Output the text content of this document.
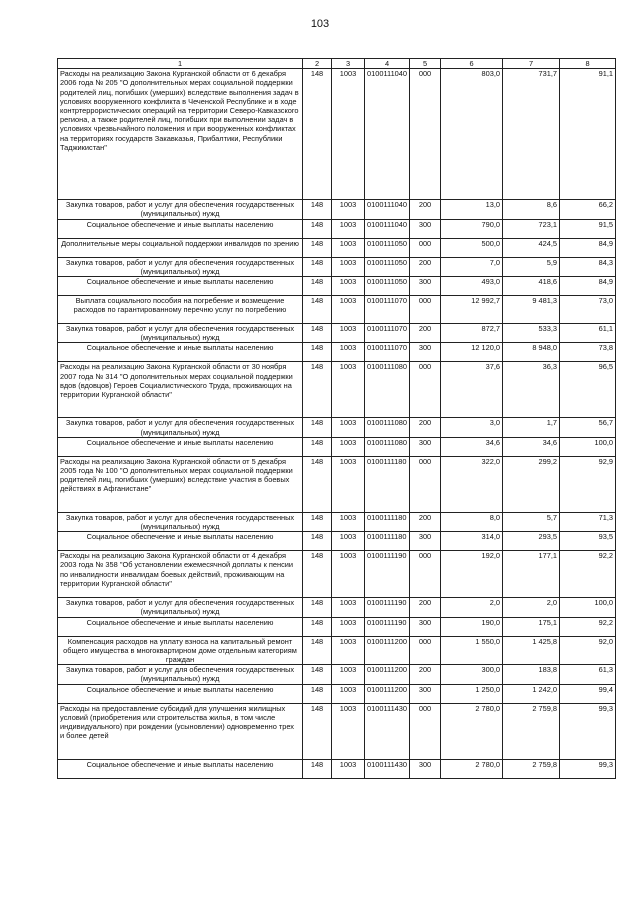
103
1	2	3	4	5	6	7	8
Расходы на реализацию Закона Курганской области от 6 декабря 2006 года № 205 "О дополнительных мерах социальной поддержки родителей лиц, погибших (умерших) вследствие выполнения задач в условиях вооруженного конфликта в Чеченской Республике и в ходе контртеррористических операций на территории Северо-Кавказского региона, а также родителей лиц, погибших при выполнении задач в условиях чрезвычайного положения и при вооруженных конфликтах на территориях государств Закавказья, Прибалтики, Республики Таджикистан"	148	1003	0100111040	000	803,0	731,7	91,1
Закупка товаров, работ и услуг для обеспечения государственных (муниципальных) нужд	148	1003	0100111040	200	13,0	8,6	66,2
Социальное обеспечение и иные выплаты населению	148	1003	0100111040	300	790,0	723,1	91,5
Дополнительные меры социальной поддержки инвалидов по зрению	148	1003	0100111050	000	500,0	424,5	84,9
Закупка товаров, работ и услуг для обеспечения государственных (муниципальных) нужд	148	1003	0100111050	200	7,0	5,9	84,3
Социальное обеспечение и иные выплаты населению	148	1003	0100111050	300	493,0	418,6	84,9
Выплата социального пособия на погребение и возмещение расходов по гарантированному перечню услуг по погребению	148	1003	0100111070	000	12 992,7	9 481,3	73,0
Закупка товаров, работ и услуг для обеспечения государственных (муниципальных) нужд	148	1003	0100111070	200	872,7	533,3	61,1
Социальное обеспечение и иные выплаты населению	148	1003	0100111070	300	12 120,0	8 948,0	73,8
Расходы на реализацию Закона Курганской области от 30 ноября 2007 года № 314 "О дополнительных мерах социальной поддержки вдов (вдовцов) Героев Социалистического Труда, проживающих на территории Курганской области"	148	1003	0100111080	000	37,6	36,3	96,5
Закупка товаров, работ и услуг для обеспечения государственных (муниципальных) нужд	148	1003	0100111080	200	3,0	1,7	56,7
Социальное обеспечение и иные выплаты населению	148	1003	0100111080	300	34,6	34,6	100,0
Расходы на реализацию Закона Курганской области от 5 декабря 2005 года № 100 "О дополнительных мерах социальной поддержки родителей лиц, погибших (умерших) вследствие участия в боевых действиях в Афганистане"	148	1003	0100111180	000	322,0	299,2	92,9
Закупка товаров, работ и услуг для обеспечения государственных (муниципальных) нужд	148	1003	0100111180	200	8,0	5,7	71,3
Социальное обеспечение и иные выплаты населению	148	1003	0100111180	300	314,0	293,5	93,5
Расходы на реализацию Закона Курганской области от 4 декабря 2003 года № 358 "Об установлении ежемесячной доплаты к пенсии по инвалидности инвалидам боевых действий, проживающим на территории Курганской области"	148	1003	0100111190	000	192,0	177,1	92,2
Закупка товаров, работ и услуг для обеспечения государственных (муниципальных) нужд	148	1003	0100111190	200	2,0	2,0	100,0
Социальное обеспечение и иные выплаты населению	148	1003	0100111190	300	190,0	175,1	92,2
Компенсация расходов на уплату взноса на капитальный ремонт общего имущества в многоквартирном доме отдельным категориям граждан	148	1003	0100111200	000	1 550,0	1 425,8	92,0
Закупка товаров, работ и услуг для обеспечения государственных (муниципальных) нужд	148	1003	0100111200	200	300,0	183,8	61,3
Социальное обеспечение и иные выплаты населению	148	1003	0100111200	300	1 250,0	1 242,0	99,4
Расходы на предоставление субсидий для улучшения жилищных условий (приобретения или строительства жилья, в том числе индивидуального) при рождении (усыновлении) одновременно трех и более детей	148	1003	0100111430	000	2 780,0	2 759,8	99,3
Социальное обеспечение и иные выплаты населению	148	1003	0100111430	300	2 780,0	2 759,8	99,3
